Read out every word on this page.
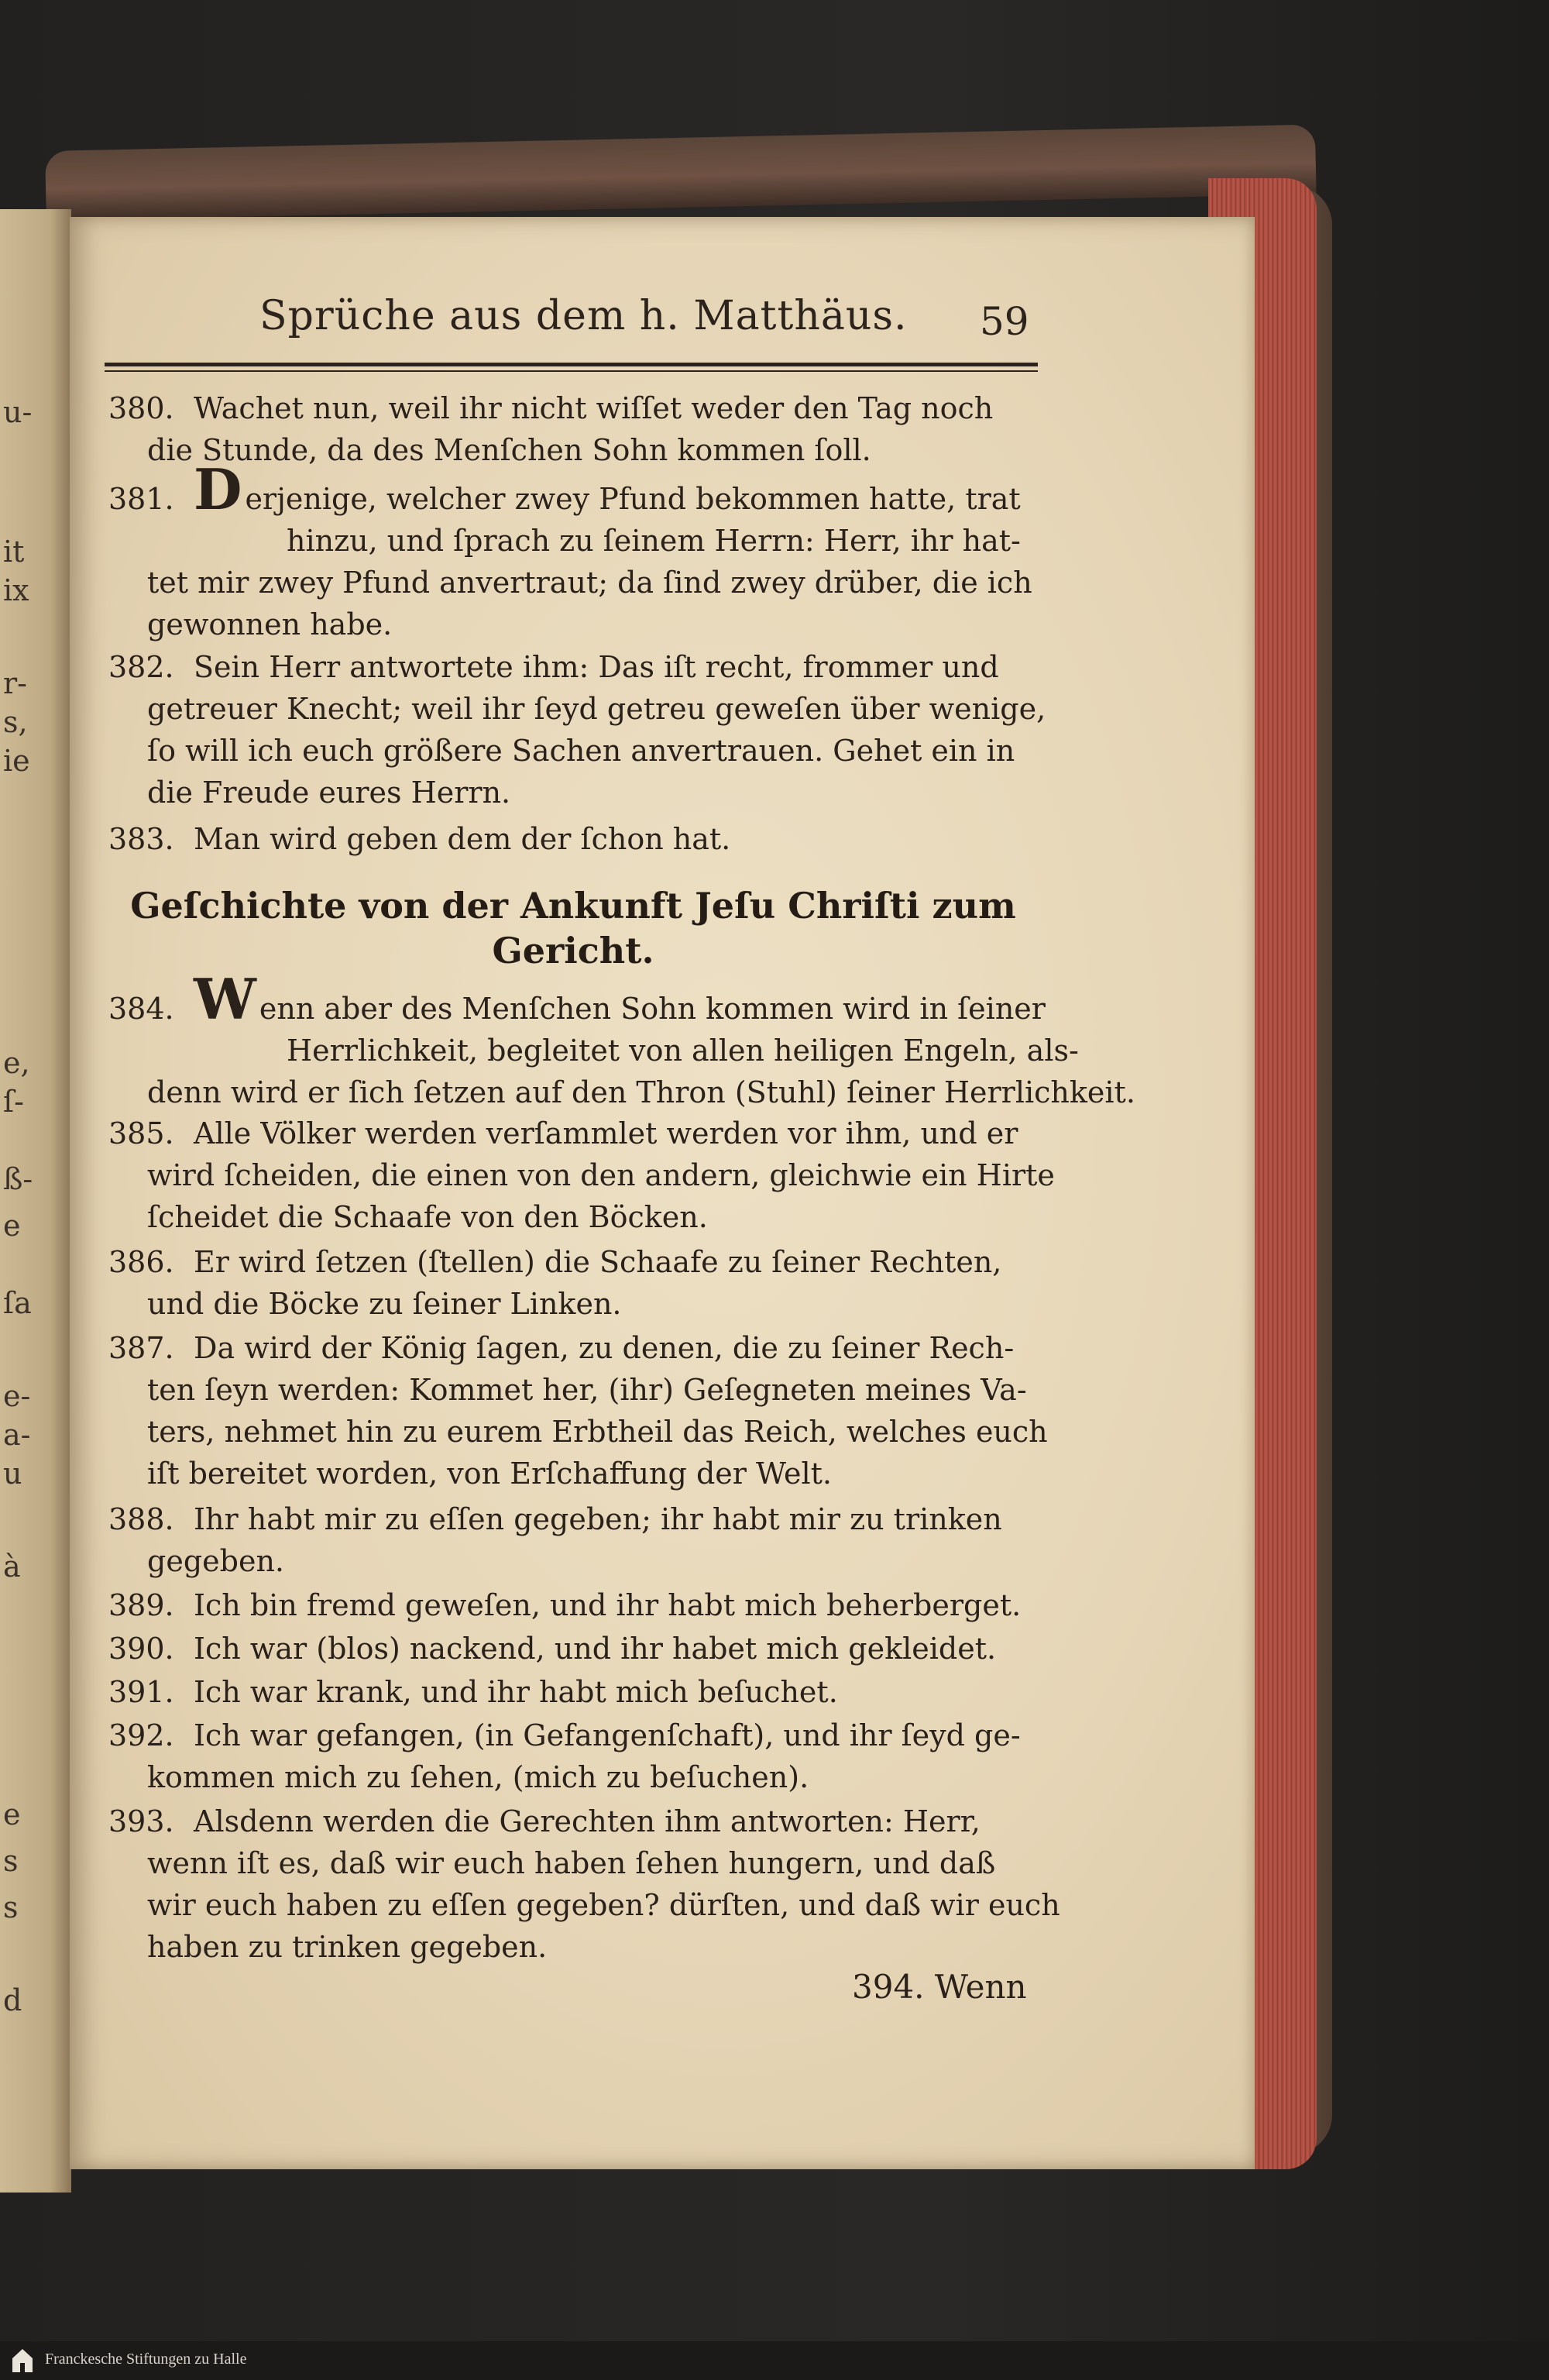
u-
it
ix
r-
s,
ie
e,
ſ-
ß-
e
ſa
e-
a-
u
à
e
s
s
d
Sprüche aus dem h. Matthäus.	59
380. Wachet nun, weil ihr nicht wiſſet weder den Tag noch
die Stunde, da des Menſchen Sohn kommen ſoll.
381. D erjenige, welcher zwey Pfund bekommen hatte, trat
hinzu, und ſprach zu ſeinem Herrn: Herr, ihr hat-
tet mir zwey Pfund anvertraut; da ſind zwey drüber, die ich
gewonnen habe.
382. Sein Herr antwortete ihm: Das iſt recht, frommer und
getreuer Knecht; weil ihr ſeyd getreu geweſen über wenige,
ſo will ich euch größere Sachen anvertrauen. Gehet ein in
die Freude eures Herrn.
383. Man wird geben dem der ſchon hat.
Geſchichte von der Ankunft Jeſu Chriſti zum
Gericht.
384. W enn aber des Menſchen Sohn kommen wird in ſeiner
Herrlichkeit, begleitet von allen heiligen Engeln, als-
denn wird er ſich ſetzen auf den Thron (Stuhl) ſeiner Herrlichkeit.
385. Alle Völker werden verſammlet werden vor ihm, und er
wird ſcheiden, die einen von den andern, gleichwie ein Hirte
ſcheidet die Schaafe von den Böcken.
386. Er wird ſetzen (ſtellen) die Schaafe zu ſeiner Rechten,
und die Böcke zu ſeiner Linken.
387. Da wird der König ſagen, zu denen, die zu ſeiner Rech-
ten ſeyn werden: Kommet her, (ihr) Geſegneten meines Va-
ters, nehmet hin zu eurem Erbtheil das Reich, welches euch
iſt bereitet worden, von Erſchaffung der Welt.
388. Ihr habt mir zu eſſen gegeben; ihr habt mir zu trinken
gegeben.
389. Ich bin fremd geweſen, und ihr habt mich beherberget.
390. Ich war (blos) nackend, und ihr habet mich gekleidet.
391. Ich war krank, und ihr habt mich beſuchet.
392. Ich war gefangen, (in Gefangenſchaft), und ihr ſeyd ge-
kommen mich zu ſehen, (mich zu beſuchen).
393. Alsdenn werden die Gerechten ihm antworten: Herr,
wenn iſt es, daß wir euch haben ſehen hungern, und daß
wir euch haben zu eſſen gegeben? dürſten, und daß wir euch
haben zu trinken gegeben.
394. Wenn
Franckesche Stiftungen zu Halle
